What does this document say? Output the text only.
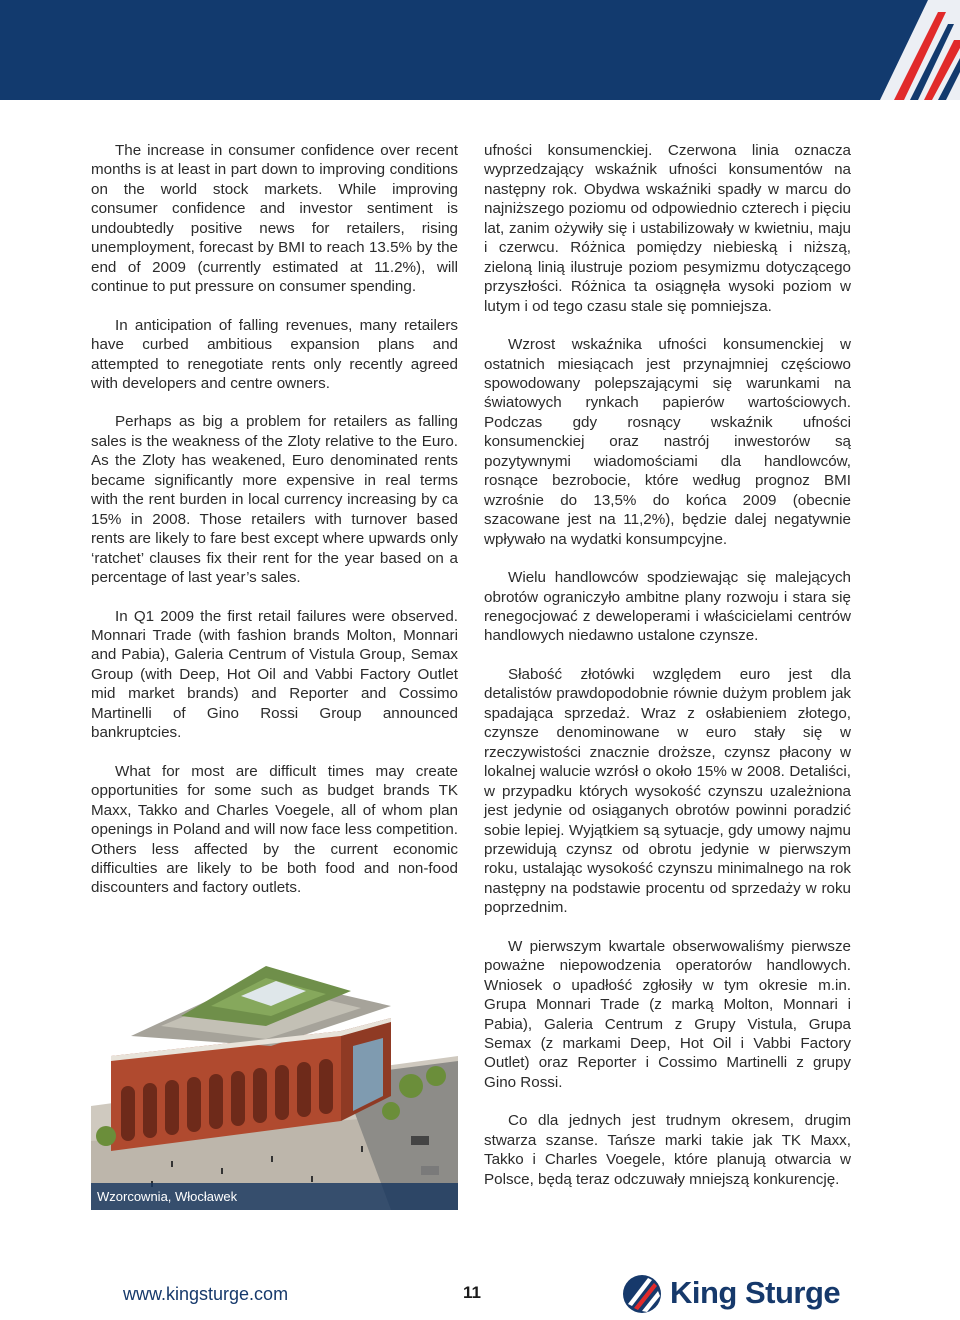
The increase in consumer confidence over recent months is at least in part down to improving conditions on the world stock markets. While improving consumer confidence and investor sentiment is undoubtedly positive news for retailers, rising unemployment, forecast by BMI to reach 13.5% by the end of 2009 (currently estimated at 11.2%), will continue to put pressure on consumer spending.

In anticipation of falling revenues, many retailers have curbed ambitious expansion plans and attempted to renegotiate rents only recently agreed with developers and centre owners.

Perhaps as big a problem for retailers as falling sales is the weakness of the Zloty relative to the Euro. As the Zloty has weakened, Euro denominated rents became significantly more expensive in real terms with the rent burden in local currency increasing by ca 15% in 2008. Those retailers with turnover based rents are likely to fare best except where upwards only ‘ratchet’ clauses fix their rent for the year based on a percentage of last year’s sales.

In Q1 2009 the first retail failures were observed. Monnari Trade (with fashion brands Molton, Monnari and Pabia), Galeria Centrum of Vistula Group, Semax Group (with Deep, Hot Oil and Vabbi Factory Outlet mid market brands) and Reporter and Cossimo Martinelli of Gino Rossi Group announced bankruptcies.

What for most are difficult times may create opportunities for some such as budget brands TK Maxx, Takko and Charles Voegele, all of whom plan openings in Poland and will now face less competition. Others less affected by the current economic difficulties are likely to be both food and non-food discounters and factory outlets.

ufności konsumenckiej. Czerwona linia oznacza wyprzedzający wskaźnik ufności konsumentów na następny rok. Obydwa wskaźniki spadły w marcu do najniższego poziomu od odpowiednio czterech i pięciu lat, zanim ożywiły się i ustabilizowały w kwietniu, maju i czerwcu. Różnica pomiędzy niebieską i niższą, zieloną linią ilustruje poziom pesymizmu dotyczącego przyszłości. Różnica ta osiągnęła wysoki poziom w lutym i od tego czasu stale się pomniejsza.

Wzrost wskaźnika ufności konsumenckiej w ostatnich miesiącach jest przynajmniej częściowo spowodowany polepszającymi się warunkami na światowych rynkach papierów wartościowych. Podczas gdy rosnący wskaźnik ufności konsumenckiej oraz nastrój inwestorów są pozytywnymi wiadomościami dla handlowców, rosnące bezrobocie, które według prognoz BMI wzrośnie do 13,5% do końca 2009 (obecnie szacowane jest na 11,2%), będzie dalej negatywnie wpływało na wydatki konsumpcyjne.

Wielu handlowców spodziewając się malejących obrotów ograniczyło ambitne plany rozwoju i stara się renegocjować z deweloperami i właścicielami centrów handlowych niedawno ustalone czynsze.

Słabość złotówki względem euro jest dla detalistów prawdopodobnie równie dużym problem jak spadająca sprzedaż. Wraz z osłabieniem złotego, czynsze denominowane w euro stały się w rzeczywistości znacznie droższe, czynsz płacony w lokalnej walucie wzrósł o około 15% w 2008. Detaliści, w przypadku których wysokość czynszu uzależniona jest jedynie od osiąganych obrotów powinni poradzić sobie lepiej. Wyjątkiem są sytuacje, gdy umowy najmu przewidują czynsz od obrotu jedynie w pierwszym roku, ustalając wysokość czynszu minimalnego na rok następny na podstawie procentu od sprzedaży w roku poprzednim.

W pierwszym kwartale obserwowaliśmy pierwsze poważne niepowodzenia operatorów handlowych. Wniosek o upadłość zgłosiły w tym okresie m.in. Grupa Monnari Trade (z marką Molton, Monnari i Pabia), Galeria Centrum z Grupy Vistula, Grupa Semax (z markami Deep, Hot Oil i Vabbi Factory Outlet) oraz Reporter i Cossimo Martinelli z grupy Gino Rossi.

Co dla jednych jest trudnym okresem, drugim stwarza szanse. Tańsze marki takie jak TK Maxx, Takko i Charles Voegele, które planują otwarcia w Polsce, będą teraz odczuwały mniejszą konkurencję.

Wzorcownia, Włocławek
www.kingsturge.com	11	King Sturge
